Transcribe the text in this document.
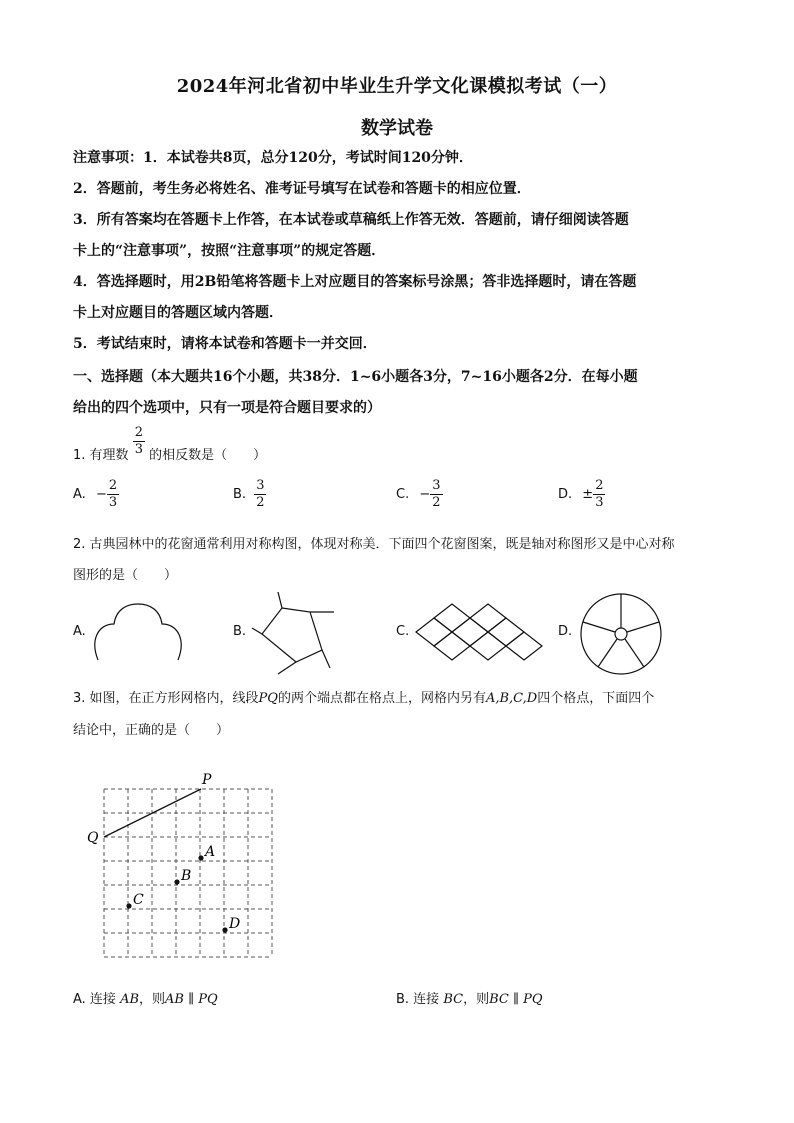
2024年河北省初中毕业生升学文化课模拟考试（一）
数学试卷
注意事项：1．本试卷共8页，总分120分，考试时间120分钟．
2．答题前，考生务必将姓名、准考证号填写在试卷和答题卡的相应位置．
3．所有答案均在答题卡上作答，在本试卷或草稿纸上作答无效．答题前，请仔细阅读答题
卡上的“注意事项”，按照“注意事项”的规定答题．
4．答选择题时，用2B铅笔将答题卡上对应题目的答案标号涂黑；答非选择题时，请在答题
卡上对应题目的答题区域内答题．
5．考试结束时，请将本试卷和答题卡一并交回．
一、选择题（本大题共16个小题，共38分．1~6小题各3分，7~16小题各2分．在每小题
给出的四个选项中，只有一项是符合题目要求的）
1. 有理数 $\frac{2}{3}$ 的相反数是（　　）
A. − $\frac{2}{3}$	B. $\frac{3}{2}$	C. − $\frac{3}{2}$	D. ± $\frac{2}{3}$
2. 古典园林中的花窗通常利用对称构图，体现对称美．下面四个花窗图案，既是轴对称图形又是中心对称
图形的是（　　）
A.	B.	C.	D.
3. 如图，在正方形网格内，线段PQ的两个端点都在格点上，网格内另有A,B,C,D四个格点，下面四个
结论中，正确的是（　　）
P
Q
A
B
C
D
A. 连接 AB，则AB ∥ PQ	B. 连接 BC，则BC ∥ PQ
